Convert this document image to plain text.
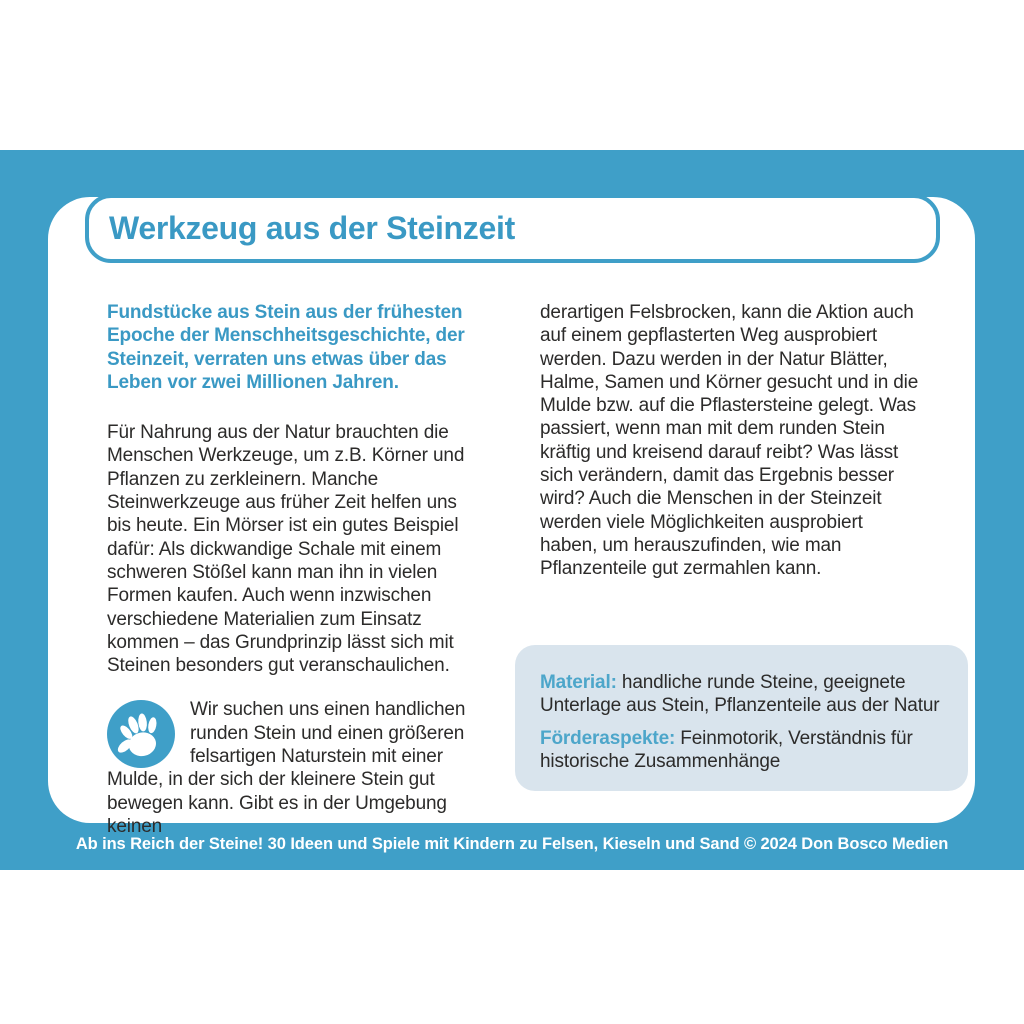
Werkzeug aus der Steinzeit

Fundstücke aus Stein aus der frühesten Epoche der Menschheitsgeschichte, der Steinzeit, verraten uns etwas über das Leben vor zwei Millionen Jahren.

Für Nahrung aus der Natur brauchten die Menschen Werkzeuge, um z.B. Körner und Pflanzen zu zerkleinern. Manche Steinwerkzeuge aus früher Zeit helfen uns bis heute. Ein Mörser ist ein gutes Beispiel dafür: Als dickwandige Schale mit einem schweren Stößel kann man ihn in vielen Formen kaufen. Auch wenn inzwischen verschiedene Materialien zum Einsatz kommen – das Grundprinzip lässt sich mit Steinen besonders gut veranschaulichen.

Wir suchen uns einen handlichen runden Stein und einen größeren felsartigen Naturstein mit einer Mulde, in der sich der kleinere Stein gut bewegen kann. Gibt es in der Umgebung keinen

derartigen Felsbrocken, kann die Aktion auch auf einem gepflasterten Weg ausprobiert werden. Dazu werden in der Natur Blätter, Halme, Samen und Körner gesucht und in die Mulde bzw. auf die Pflastersteine gelegt. Was passiert, wenn man mit dem runden Stein kräftig und kreisend darauf reibt? Was lässt sich verändern, damit das Ergebnis besser wird? Auch die Menschen in der Steinzeit werden viele Möglichkeiten ausprobiert haben, um herauszufinden, wie man Pflanzenteile gut zermahlen kann.

Material: handliche runde Steine, geeignete Unterlage aus Stein, Pflanzenteile aus der Natur

Förderaspekte: Feinmotorik, Verständnis für historische Zusammenhänge

Ab ins Reich der Steine! 30 Ideen und Spiele mit Kindern zu Felsen, Kieseln und Sand © 2024 Don Bosco Medien
